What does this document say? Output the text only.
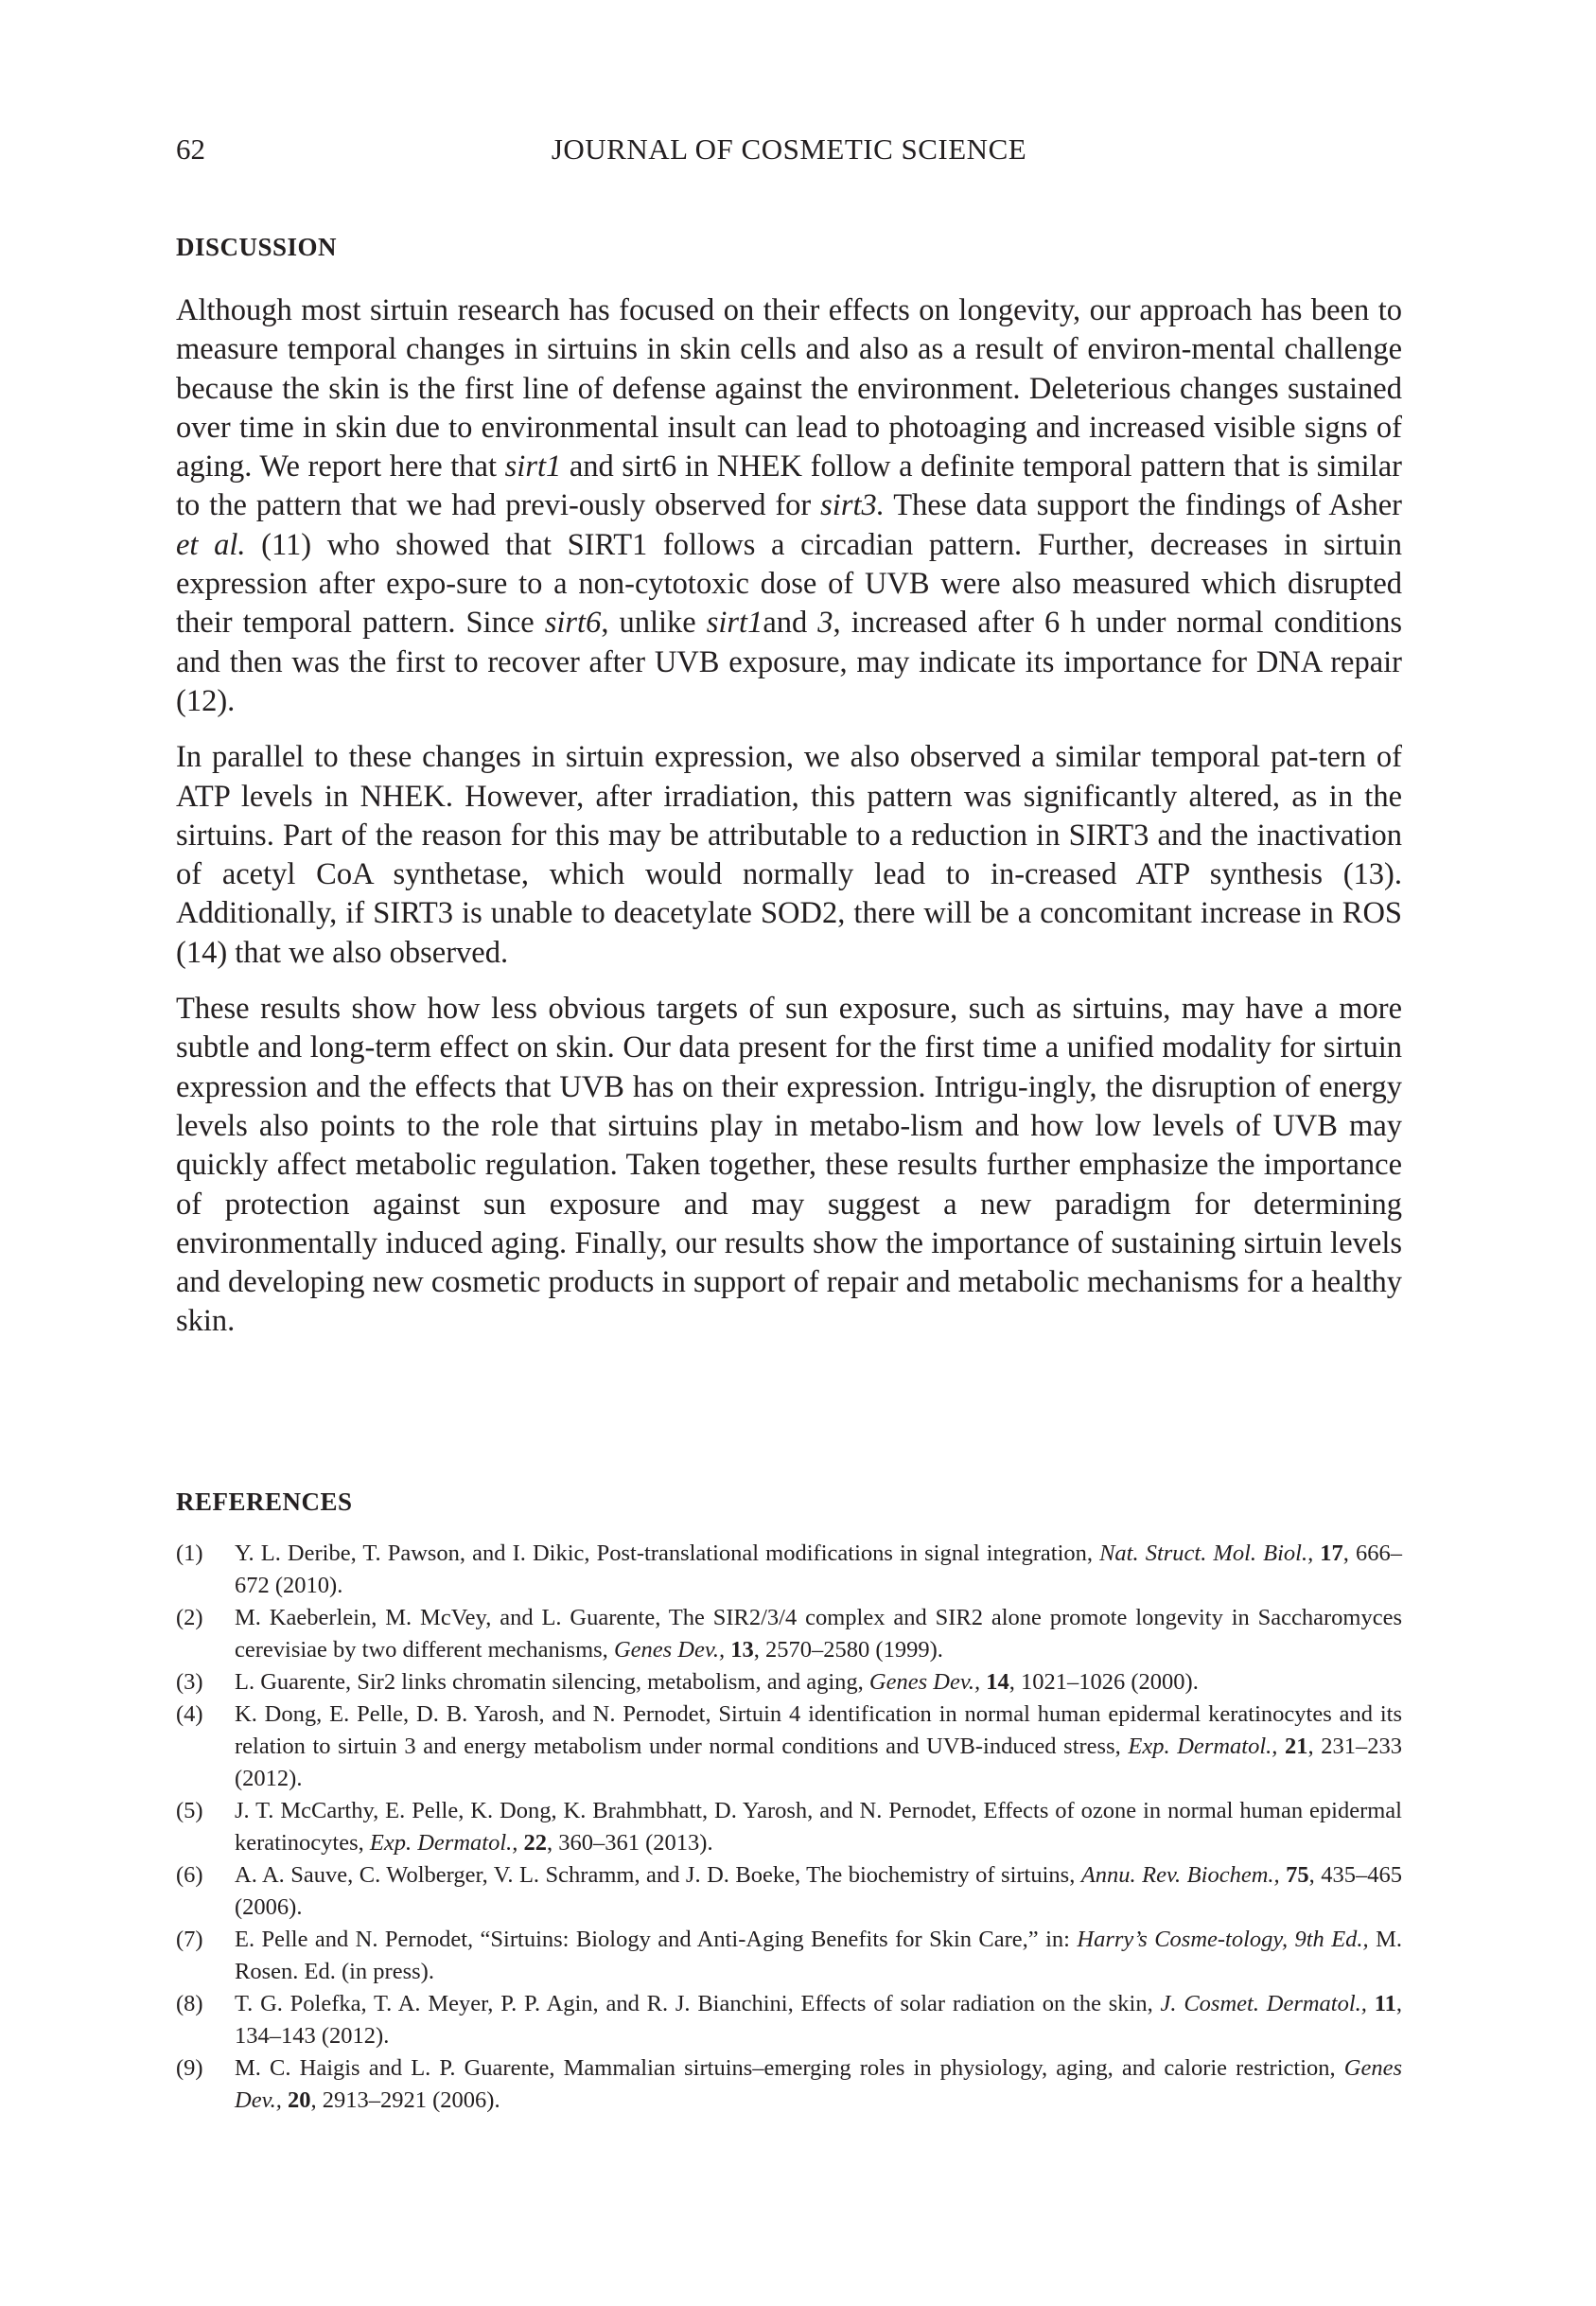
62	JOURNAL OF COSMETIC SCIENCE
DISCUSSION

Although most sirtuin research has focused on their effects on longevity, our approach has been to measure temporal changes in sirtuins in skin cells and also as a result of environ-mental challenge because the skin is the first line of defense against the environment. Deleterious changes sustained over time in skin due to environmental insult can lead to photoaging and increased visible signs of aging. We report here that sirt1 and sirt6 in NHEK follow a definite temporal pattern that is similar to the pattern that we had previ-ously observed for sirt3. These data support the findings of Asher et al. (11) who showed that SIRT1 follows a circadian pattern. Further, decreases in sirtuin expression after expo-sure to a non-cytotoxic dose of UVB were also measured which disrupted their temporal pattern. Since sirt6, unlike sirt1and 3, increased after 6 h under normal conditions and then was the first to recover after UVB exposure, may indicate its importance for DNA repair (12).

In parallel to these changes in sirtuin expression, we also observed a similar temporal pat-tern of ATP levels in NHEK. However, after irradiation, this pattern was significantly altered, as in the sirtuins. Part of the reason for this may be attributable to a reduction in SIRT3 and the inactivation of acetyl CoA synthetase, which would normally lead to in-creased ATP synthesis (13). Additionally, if SIRT3 is unable to deacetylate SOD2, there will be a concomitant increase in ROS (14) that we also observed.

These results show how less obvious targets of sun exposure, such as sirtuins, may have a more subtle and long-term effect on skin. Our data present for the first time a unified modality for sirtuin expression and the effects that UVB has on their expression. Intrigu-ingly, the disruption of energy levels also points to the role that sirtuins play in metabo-lism and how low levels of UVB may quickly affect metabolic regulation. Taken together, these results further emphasize the importance of protection against sun exposure and may suggest a new paradigm for determining environmentally induced aging. Finally, our results show the importance of sustaining sirtuin levels and developing new cosmetic products in support of repair and metabolic mechanisms for a healthy skin.

REFERENCES
(1)	Y. L. Deribe, T. Pawson, and I. Dikic, Post-translational modifications in signal integration, Nat. Struct. Mol. Biol., 17, 666–672 (2010).
(2)	M. Kaeberlein, M. McVey, and L. Guarente, The SIR2/3/4 complex and SIR2 alone promote longevity in Saccharomyces cerevisiae by two different mechanisms, Genes Dev., 13, 2570–2580 (1999).
(3)	L. Guarente, Sir2 links chromatin silencing, metabolism, and aging, Genes Dev., 14, 1021–1026 (2000).
(4)	K. Dong, E. Pelle, D. B. Yarosh, and N. Pernodet, Sirtuin 4 identification in normal human epidermal keratinocytes and its relation to sirtuin 3 and energy metabolism under normal conditions and UVB-induced stress, Exp. Dermatol., 21, 231–233 (2012).
(5)	J. T. McCarthy, E. Pelle, K. Dong, K. Brahmbhatt, D. Yarosh, and N. Pernodet, Effects of ozone in normal human epidermal keratinocytes, Exp. Dermatol., 22, 360–361 (2013).
(6)	A. A. Sauve, C. Wolberger, V. L. Schramm, and J. D. Boeke, The biochemistry of sirtuins, Annu. Rev. Biochem., 75, 435–465 (2006).
(7)	E. Pelle and N. Pernodet, “Sirtuins: Biology and Anti-Aging Benefits for Skin Care,” in: Harry’s Cosme-tology, 9th Ed., M. Rosen. Ed. (in press).
(8)	T. G. Polefka, T. A. Meyer, P. P. Agin, and R. J. Bianchini, Effects of solar radiation on the skin, J. Cosmet. Dermatol., 11, 134–143 (2012).
(9)	M. C. Haigis and L. P. Guarente, Mammalian sirtuins–emerging roles in physiology, aging, and calorie restriction, Genes Dev., 20, 2913–2921 (2006).
